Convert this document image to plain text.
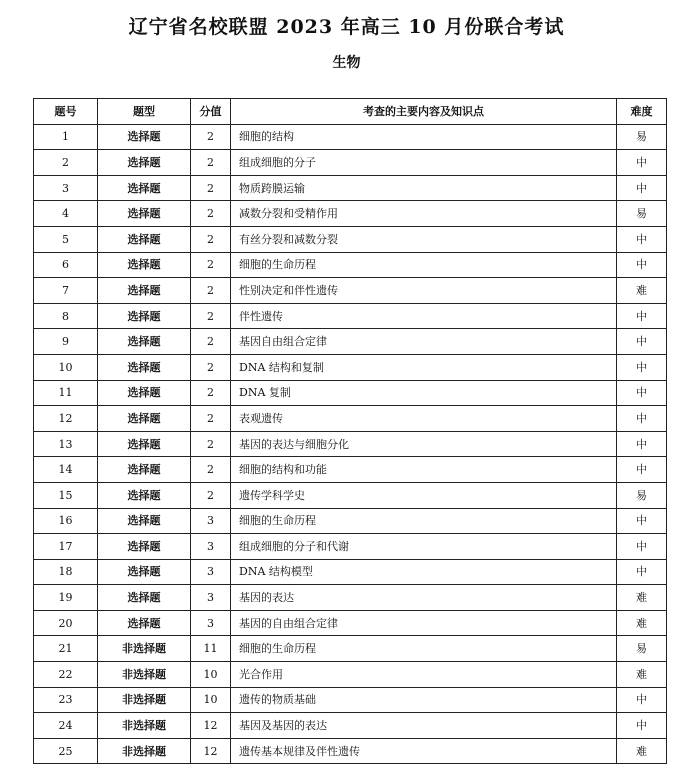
辽宁省名校联盟 2023 年高三 10 月份联合考试
生物
题号	题型	分值	考查的主要内容及知识点	难度
1	选择题	2	细胞的结构	易
2	选择题	2	组成细胞的分子	中
3	选择题	2	物质跨膜运输	中
4	选择题	2	减数分裂和受精作用	易
5	选择题	2	有丝分裂和减数分裂	中
6	选择题	2	细胞的生命历程	中
7	选择题	2	性别决定和伴性遗传	难
8	选择题	2	伴性遗传	中
9	选择题	2	基因自由组合定律	中
10	选择题	2	DNA 结构和复制	中
11	选择题	2	DNA 复制	中
12	选择题	2	表观遗传	中
13	选择题	2	基因的表达与细胞分化	中
14	选择题	2	细胞的结构和功能	中
15	选择题	2	遗传学科学史	易
16	选择题	3	细胞的生命历程	中
17	选择题	3	组成细胞的分子和代谢	中
18	选择题	3	DNA 结构模型	中
19	选择题	3	基因的表达	难
20	选择题	3	基因的自由组合定律	难
21	非选择题	11	细胞的生命历程	易
22	非选择题	10	光合作用	难
23	非选择题	10	遗传的物质基础	中
24	非选择题	12	基因及基因的表达	中
25	非选择题	12	遗传基本规律及伴性遗传	难
